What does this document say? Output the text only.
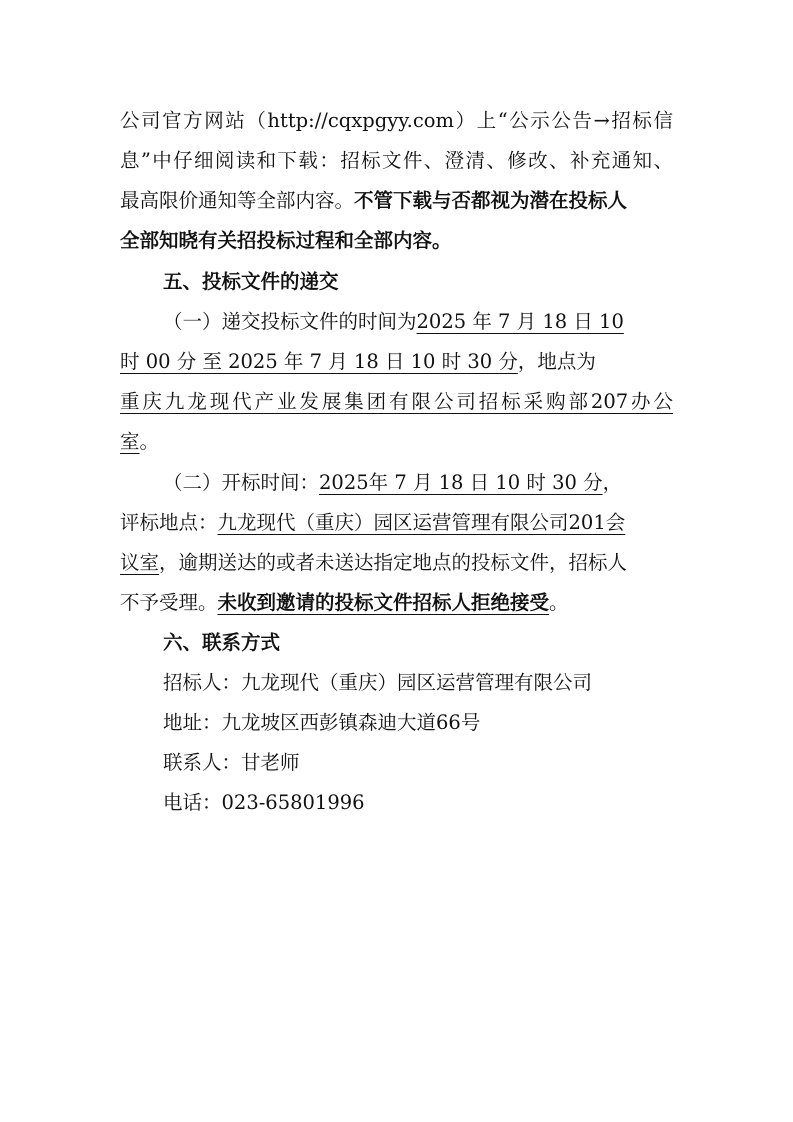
公司官方网站（http://cqxpgyy.com）上“公示公告→招标信
息”中仔细阅读和下载：招标文件、澄清、修改、补充通知、
最高限价通知等全部内容。不管下载与否都视为潜在投标人
全部知晓有关招投标过程和全部内容。
五、投标文件的递交
（一）递交投标文件的时间为2025 年 7 月 18 日 10
时 00 分 至 2025 年 7 月 18 日 10 时 30 分，地点为
重庆九龙现代产业发展集团有限公司招标采购部207办公
室。
（二）开标时间：2025年 7 月 18 日 10 时 30 分，
评标地点：九龙现代（重庆）园区运营管理有限公司201会
议室，逾期送达的或者未送达指定地点的投标文件，招标人
不予受理。未收到邀请的投标文件招标人拒绝接受。
六、联系方式
招标人：九龙现代（重庆）园区运营管理有限公司
地址：九龙坡区西彭镇森迪大道66号
联系人：甘老师
电话：023-65801996
